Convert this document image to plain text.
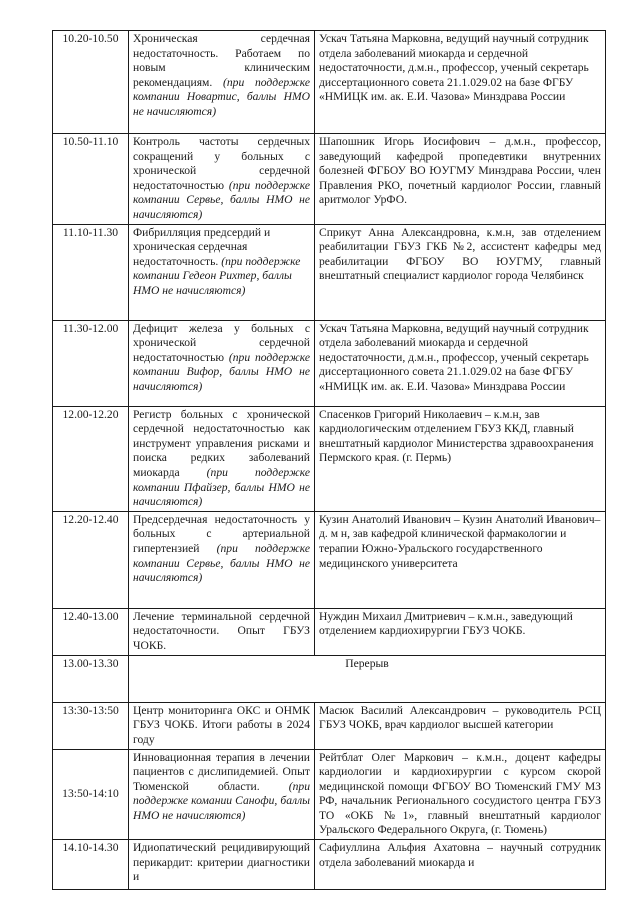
10.20-10.50	Хроническая сердечная недостаточность. Работаем по новым клиническим рекомендациям. (при поддержке компании Новартис, баллы НМО не начисляются)	Ускач Татьяна Марковна, ведущий научный сотрудник отдела заболеваний миокарда и сердечной недостаточности, д.м.н., профессор, ученый секретарь диссертационного совета 21.1.029.02 на базе ФГБУ «НМИЦК им. ак. Е.И. Чазова» Минздрава России
10.50-11.10	Контроль частоты сердечных сокращений у больных с хронической сердечной недостаточностью (при поддержке компании Сервье, баллы НМО не начисляются)	Шапошник Игорь Иосифович – д.м.н., профессор, заведующий кафедрой пропедевтики внутренних болезней ФГБОУ ВО ЮУГМУ Минздрава России, член Правления РКО, почетный кардиолог России, главный аритмолог УрФО.
11.10-11.30	Фибрилляция предсердий и хроническая сердечная недостаточность. (при поддержке компании Гедеон Рихтер, баллы НМО не начисляются)	Сприкут Анна Александровна, к.м.н, зав отделением реабилитации ГБУЗ ГКБ №2, ассистент кафедры мед реабилитации ФГБОУ ВО ЮУГМУ, главный внештатный специалист кардиолог города Челябинск
11.30-12.00	Дефицит железа у больных с хронической сердечной недостаточностью (при поддержке компании Вифор, баллы НМО не начисляются)	Ускач Татьяна Марковна, ведущий научный сотрудник отдела заболеваний миокарда и сердечной недостаточности, д.м.н., профессор, ученый секретарь диссертационного совета 21.1.029.02 на базе ФГБУ «НМИЦК им. ак. Е.И. Чазова» Минздрава России
12.00-12.20	Регистр больных с хронической сердечной недостаточностью как инструмент управления рисками и поиска редких заболеваний миокарда (при поддержке компании Пфайзер, баллы НМО не начисляются)	Спасенков Григорий Николаевич – к.м.н, зав кардиологическим отделением ГБУЗ ККД, главный внештатный кардиолог Министерства здравоохранения Пермского края. (г. Пермь)
12.20-12.40	Предсердечная недостаточность у больных с артериальной гипертензией (при поддержке компании Сервье, баллы НМО не начисляются)	Кузин Анатолий Иванович – Кузин Анатолий Иванович– д. м н, зав кафедрой клинической фармакологии и терапии Южно-Уральского государственного медицинского университета
12.40-13.00	Лечение терминальной сердечной недостаточности. Опыт ГБУЗ ЧОКБ.	Нуждин Михаил Дмитриевич – к.м.н., заведующий отделением кардиохирургии ГБУЗ ЧОКБ.
13.00-13.30	Перерыв	
13:30-13:50	Центр мониторинга ОКС и ОНМК ГБУЗ ЧОКБ. Итоги работы в 2024 году	Масюк Василий Александрович – руководитель РСЦ ГБУЗ ЧОКБ, врач кардиолог высшей категории
13:50-14:10	Инновационная терапия в лечении пациентов с дислипидемией. Опыт Тюменской области. (при поддержке комании Санофи, баллы НМО не начисляются)	Рейтблат Олег Маркович – к.м.н., доцент кафедры кардиологии и кардиохирургии с курсом скорой медицинской помощи ФГБОУ ВО Тюменский ГМУ МЗ РФ, начальник Регионального сосудистого центра ГБУЗ ТО «ОКБ №1», главный внештатный кардиолог Уральского Федерального Округа, (г. Тюмень)
14.10-14.30	Идиопатический рецидивирующий перикардит: критерии диагностики и	Сафиуллина Альфия Ахатовна – научный сотрудник отдела заболеваний миокарда и
